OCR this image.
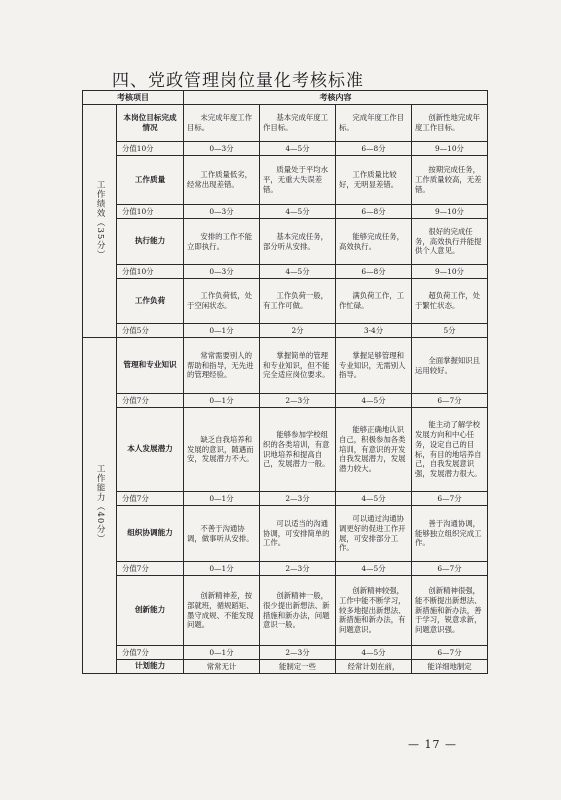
四、党政管理岗位量化考核标准
考核项目		考核内容			
工作绩效（35分）	本岗位目标完成情况	未完成年度工作目标。	基本完成年度工作目标。	完成年度工作目标。	创新性地完成年度工作目标。
	分值10分	0—3分	4—5分	6—8分	9—10分
	工作质量	工作质量低劣，经常出现差错。	质量处于平均水平，无重大失误差错。	工作质量比较好，无明显差错。	按期完成任务，工作质量较高，无差错。
	分值10分	0—3分	4—5分	6—8分	9—10分
	执行能力	安排的工作不能立即执行。	基本完成任务，部分听从安排。	能够完成任务，高效执行。	很好的完成任务，高效执行并能提供个人意见。
	分值10分	0—3分	4—5分	6—8分	9—10分
	工作负荷	工作负荷低，处于空闲状态。	工作负荷一般，有工作可做。	满负荷工作，工作忙碌。	超负荷工作，处于繁忙状态。
	分值5分	0—1分	2分	3-4分	5分
工作能力（40分）	管理和专业知识	常常需要别人的帮助和指导，无先进的管理经验。	掌握简单的管理和专业知识，但不能完全适应岗位要求。	掌握足够管理和专业知识，无需别人指导。	全面掌握知识且运用较好。
	分值7分	0—1分	2—3分	4—5分	6—7分
	本人发展潜力	缺乏自我培养和发展的意识，随遇而安，发展潜力不大。	能够参加学校组织的各类培训，有意识地培养和提高自己，发展潜力一般。	能够正确地认识自己，积极参加各类培训，有意识的开发自我发展潜力，发展潜力较大。	能主动了解学校发展方向和中心任务，设定自己的目标，有目的地培养自己，自我发展意识强，发展潜力很大。
	分值7分	0—1分	2—3分	4—5分	6—7分
	组织协调能力	不善于沟通协调，做事听从安排。	可以适当的沟通协调，可安排简单的工作。	可以通过沟通协调更好的促进工作开展，可安排部分工作。	善于沟通协调，能够独立组织完成工作。
	分值7分	0—1分	2—3分	4—5分	6—7分
	创新能力	创新精神差，按部就班，循规蹈矩、墨守成规、不能发现问题。	创新精神一般，很少提出新想法、新措施和新办法，问题意识一般。	创新精神较强，工作中能不断学习，较多地提出新想法、新措施和新办法，有问题意识。	创新精神很强，能不断提出新想法、新措施和新办法，善于学习，锐意求新，问题意识强。
	分值7分	0—1分	2—3分	4—5分	6—7分
	计划能力	常常无计	能制定一些	经常计划在前，	能详细地制定
— 17 —
